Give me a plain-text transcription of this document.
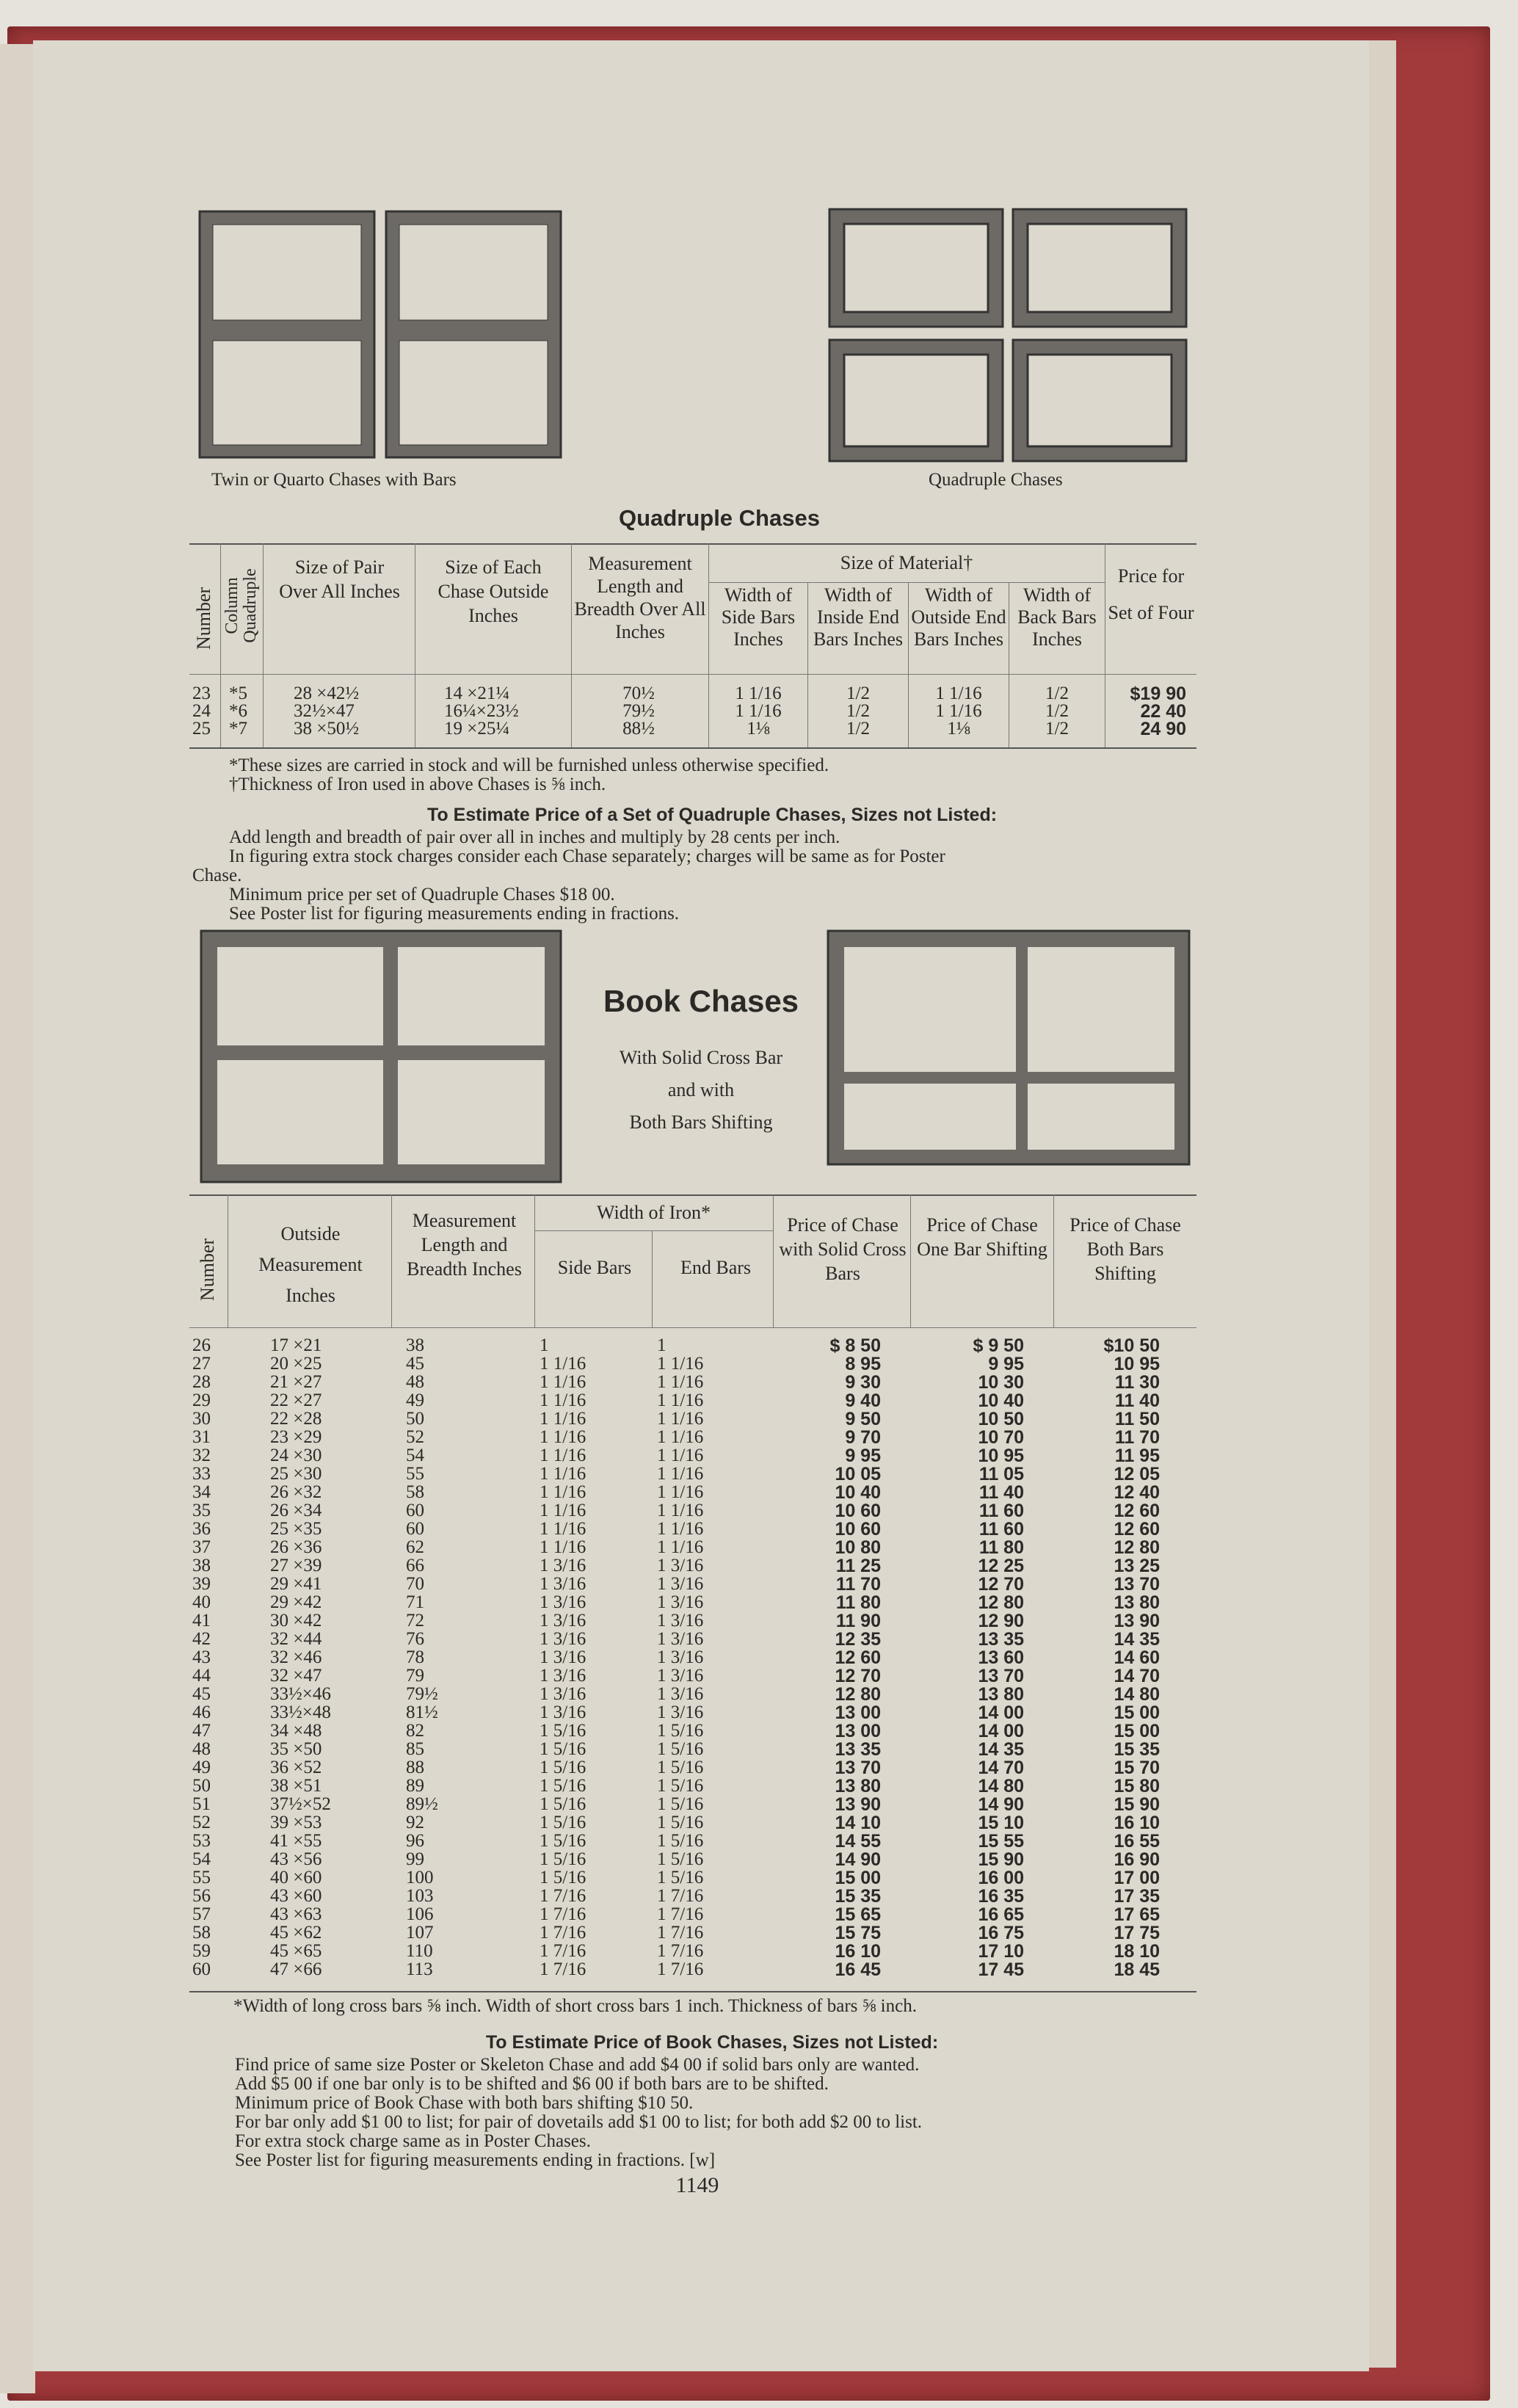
Twin or Quarto Chases with Bars	Quadruple Chases
Quadruple Chases
Number Column Quadruple
Size of Pair Over All Inches
Size of Each Chase Outside Inches
Measurement Length and Breadth Over All Inches
Size of Material†
Width of Side Bars Inches
Width of Inside End Bars Inches
Width of Outside End Bars Inches
Width of Back Bars Inches
Price for Set of Four
23	*5	28 ×42½	14 ×21¼	70½	1 1/16	1/2	1 1/16	1/2	$19 90
24	*6	32½×47	16¼×23½	79½	1 1/16	1/2	1 1/16	1/2	22 40
25	*7	38 ×50½	19 ×25¼	88½	1⅛	1/2	1⅛	1/2	24 90
*These sizes are carried in stock and will be furnished unless otherwise specified.
†Thickness of Iron used in above Chases is ⅝ inch.
To Estimate Price of a Set of Quadruple Chases, Sizes not Listed:
Add length and breadth of pair over all in inches and multiply by 28 cents per inch.
In figuring extra stock charges consider each Chase separately; charges will be same as for Poster
Chase.
Minimum price per set of Quadruple Chases $18 00.
See Poster list for figuring measurements ending in fractions.
Book Chases
With Solid Cross Bar
and with
Both Bars Shifting
Number
Outside Measurement Inches
Measurement Length and Breadth Inches
Width of Iron*
Side Bars	End Bars
Price of Chase with Solid Cross Bars
Price of Chase One Bar Shifting
Price of Chase Both Bars Shifting
26	17 ×21	38	1	1	$ 8 50	$ 9 50	$10 50
27	20 ×25	45	1 1/16	1 1/16	8 95	9 95	10 95
28	21 ×27	48	1 1/16	1 1/16	9 30	10 30	11 30
29	22 ×27	49	1 1/16	1 1/16	9 40	10 40	11 40
30	22 ×28	50	1 1/16	1 1/16	9 50	10 50	11 50
31	23 ×29	52	1 1/16	1 1/16	9 70	10 70	11 70
32	24 ×30	54	1 1/16	1 1/16	9 95	10 95	11 95
33	25 ×30	55	1 1/16	1 1/16	10 05	11 05	12 05
34	26 ×32	58	1 1/16	1 1/16	10 40	11 40	12 40
35	26 ×34	60	1 1/16	1 1/16	10 60	11 60	12 60
36	25 ×35	60	1 1/16	1 1/16	10 60	11 60	12 60
37	26 ×36	62	1 1/16	1 1/16	10 80	11 80	12 80
38	27 ×39	66	1 3/16	1 3/16	11 25	12 25	13 25
39	29 ×41	70	1 3/16	1 3/16	11 70	12 70	13 70
40	29 ×42	71	1 3/16	1 3/16	11 80	12 80	13 80
41	30 ×42	72	1 3/16	1 3/16	11 90	12 90	13 90
42	32 ×44	76	1 3/16	1 3/16	12 35	13 35	14 35
43	32 ×46	78	1 3/16	1 3/16	12 60	13 60	14 60
44	32 ×47	79	1 3/16	1 3/16	12 70	13 70	14 70
45	33½×46	79½	1 3/16	1 3/16	12 80	13 80	14 80
46	33½×48	81½	1 3/16	1 3/16	13 00	14 00	15 00
47	34 ×48	82	1 5/16	1 5/16	13 00	14 00	15 00
48	35 ×50	85	1 5/16	1 5/16	13 35	14 35	15 35
49	36 ×52	88	1 5/16	1 5/16	13 70	14 70	15 70
50	38 ×51	89	1 5/16	1 5/16	13 80	14 80	15 80
51	37½×52	89½	1 5/16	1 5/16	13 90	14 90	15 90
52	39 ×53	92	1 5/16	1 5/16	14 10	15 10	16 10
53	41 ×55	96	1 5/16	1 5/16	14 55	15 55	16 55
54	43 ×56	99	1 5/16	1 5/16	14 90	15 90	16 90
55	40 ×60	100	1 5/16	1 5/16	15 00	16 00	17 00
56	43 ×60	103	1 7/16	1 7/16	15 35	16 35	17 35
57	43 ×63	106	1 7/16	1 7/16	15 65	16 65	17 65
58	45 ×62	107	1 7/16	1 7/16	15 75	16 75	17 75
59	45 ×65	110	1 7/16	1 7/16	16 10	17 10	18 10
60	47 ×66	113	1 7/16	1 7/16	16 45	17 45	18 45
*Width of long cross bars ⅝ inch. Width of short cross bars 1 inch. Thickness of bars ⅝ inch.
To Estimate Price of Book Chases, Sizes not Listed:
Find price of same size Poster or Skeleton Chase and add $4 00 if solid bars only are wanted.
Add $5 00 if one bar only is to be shifted and $6 00 if both bars are to be shifted.
Minimum price of Book Chase with both bars shifting $10 50.
For bar only add $1 00 to list; for pair of dovetails add $1 00 to list; for both add $2 00 to list.
For extra stock charge same as in Poster Chases.
See Poster list for figuring measurements ending in fractions. [w]
1149
